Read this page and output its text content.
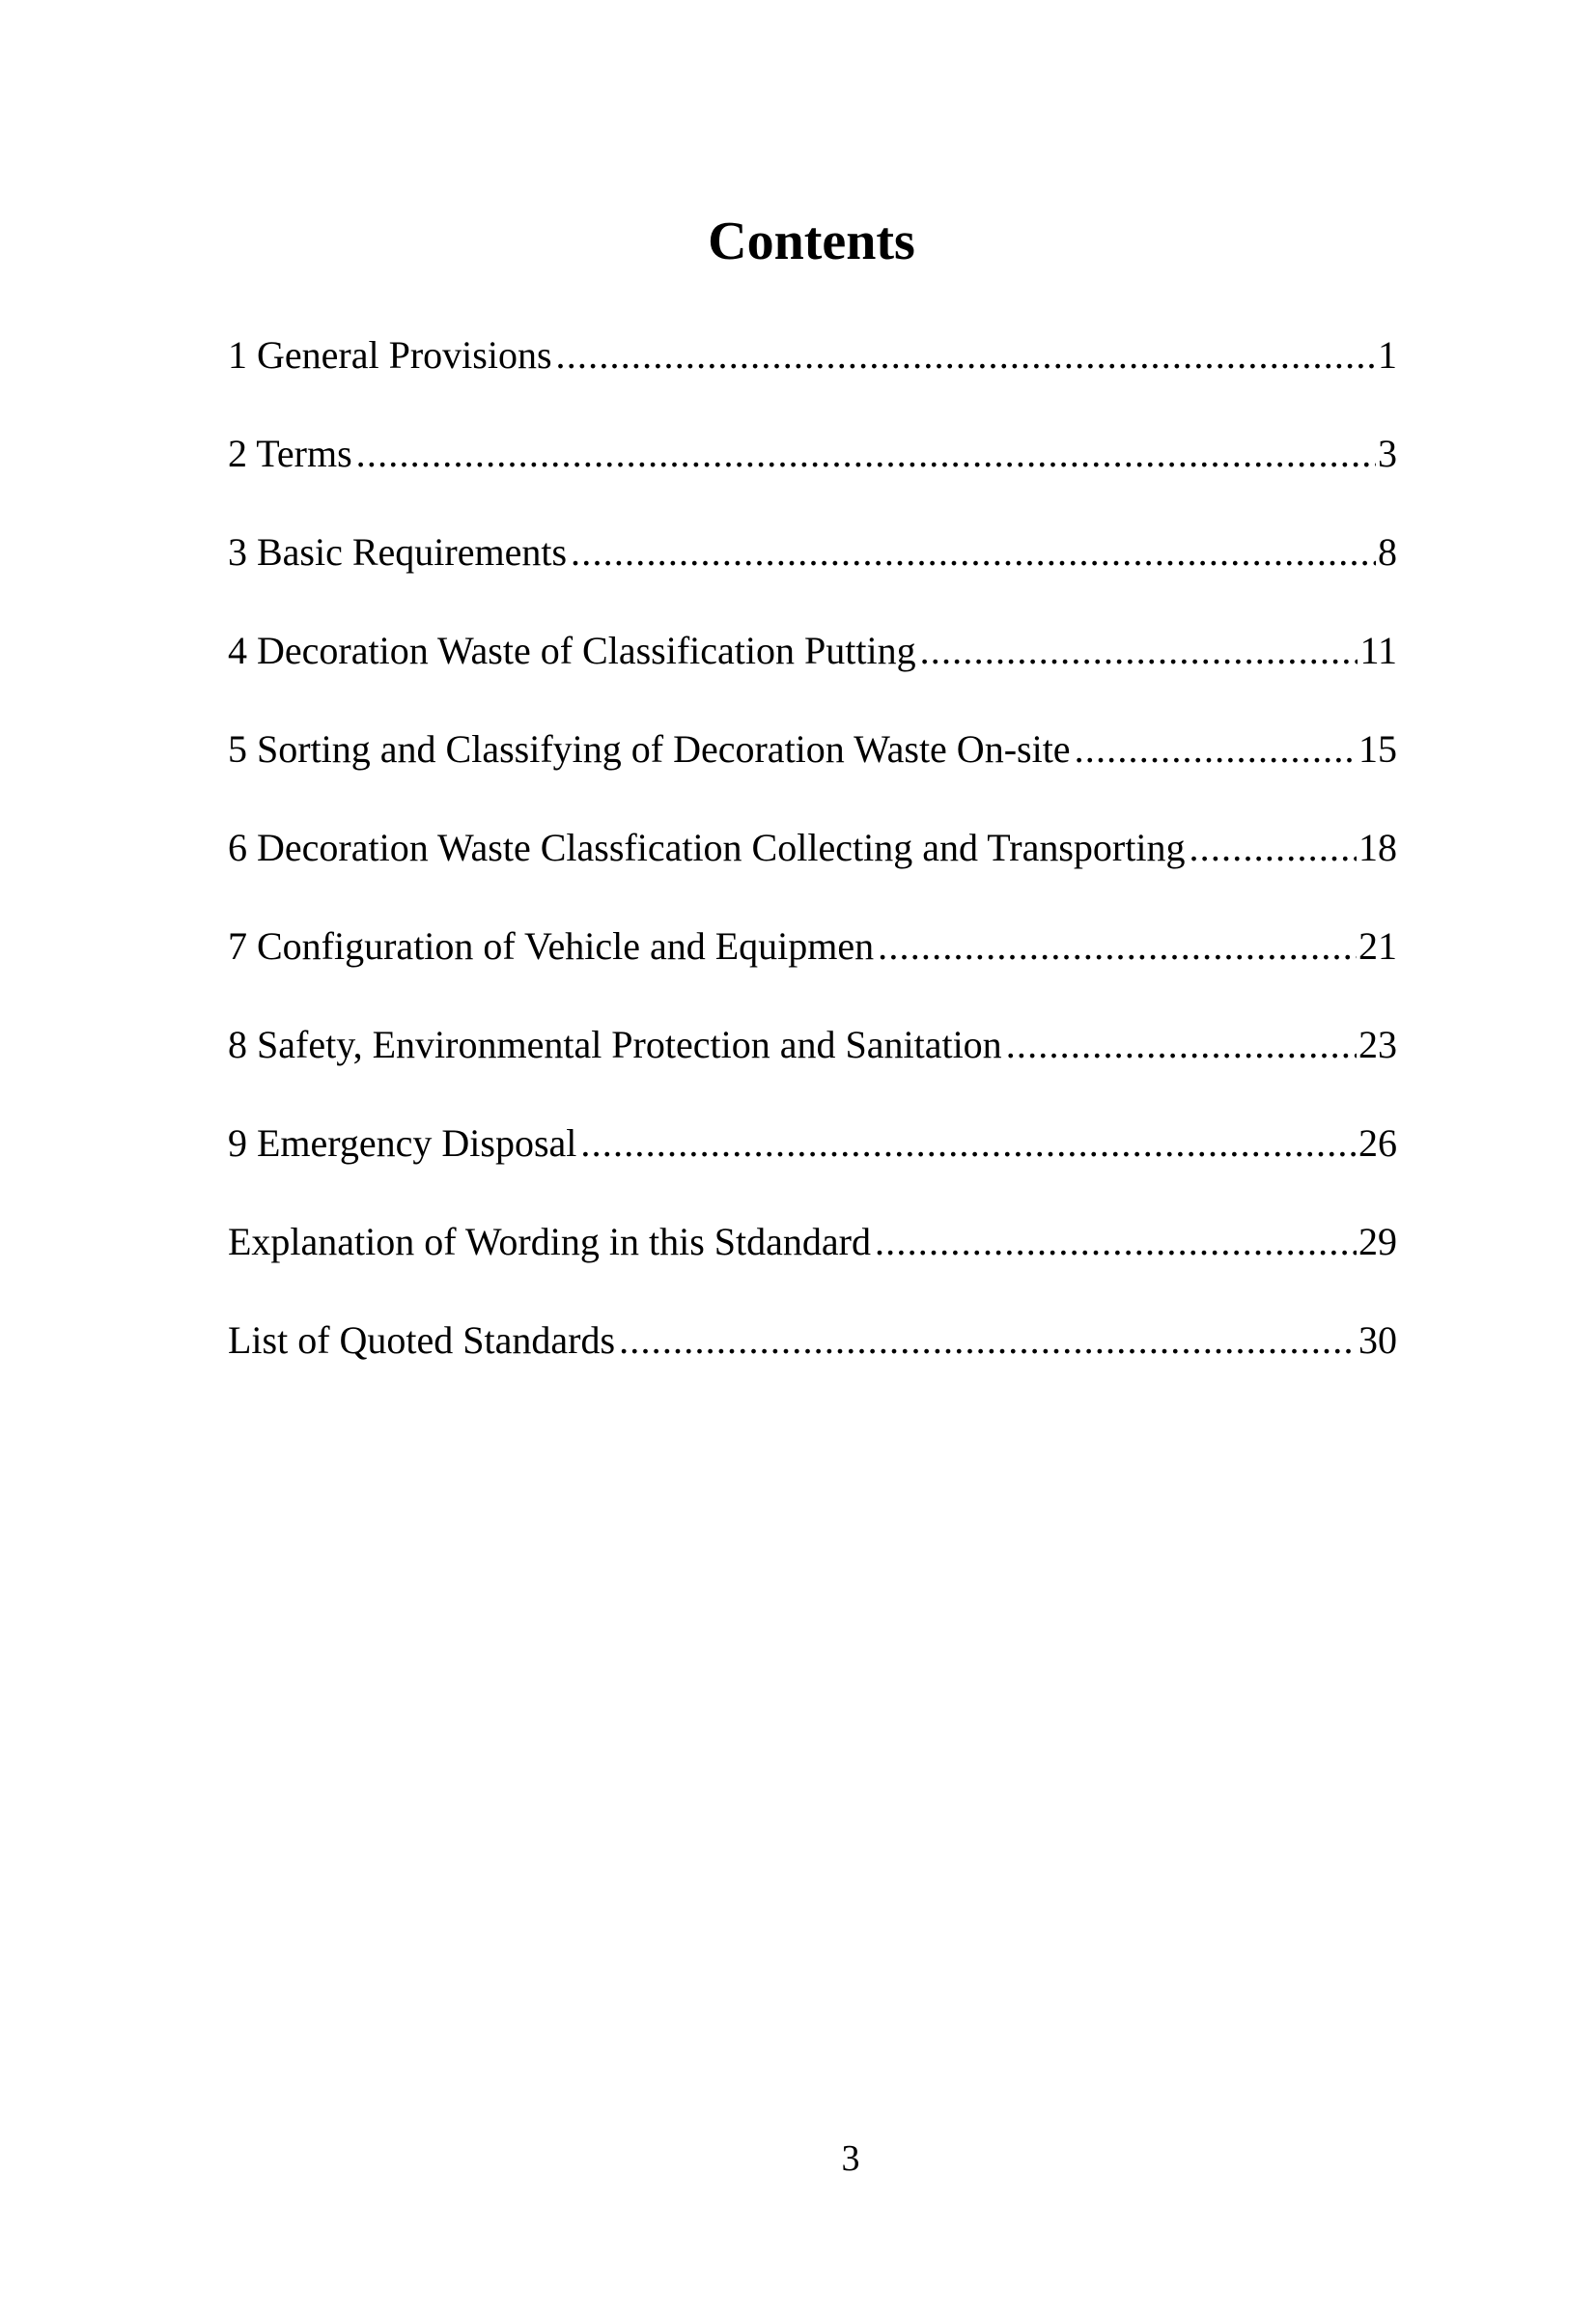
Contents
1 General Provisions .....	1
2 Terms .....	3
3 Basic Requirements .....	8
4 Decoration Waste of Classification Putting .....	11
5 Sorting and Classifying of Decoration Waste On-site .....	15
6 Decoration Waste Classfication Collecting and Transporting .....	18
7 Configuration of Vehicle and Equipmen .....	21
8 Safety, Environmental Protection and Sanitation .....	23
9 Emergency Disposal .....	26
Explanation of Wording in this Stdandard .....	29
List of Quoted Standards .....	30
3
